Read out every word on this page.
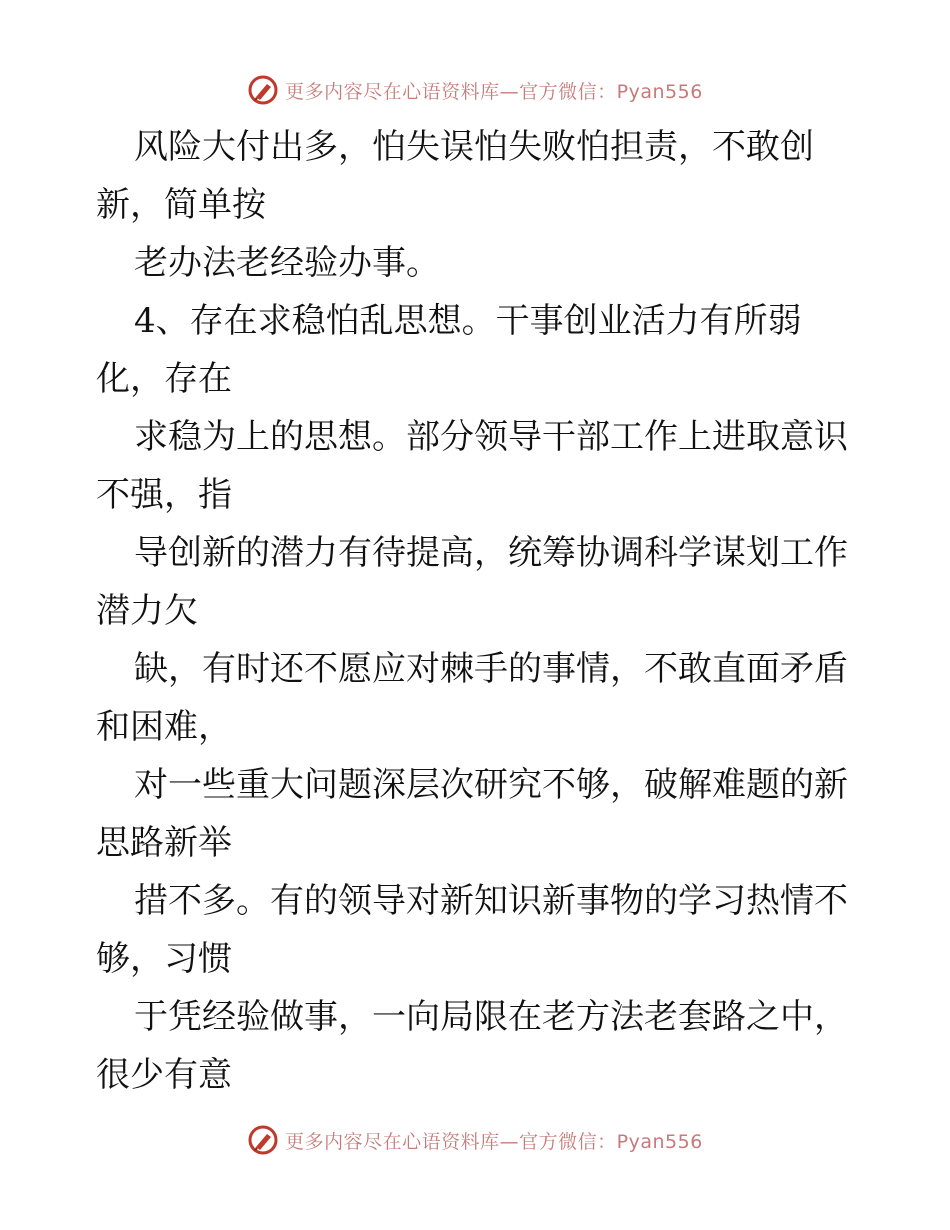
更多内容尽在心语资料库—官方微信：Pyan556
风险大付出多，怕失误怕失败怕担责，不敢创
新，简单按
老办法老经验办事。
4、存在求稳怕乱思想。干事创业活力有所弱
化，存在
求稳为上的思想。部分领导干部工作上进取意识
不强，指
导创新的潜力有待提高，统筹协调科学谋划工作
潜力欠
缺，有时还不愿应对棘手的事情，不敢直面矛盾
和困难，
对一些重大问题深层次研究不够，破解难题的新
思路新举
措不多。有的领导对新知识新事物的学习热情不
够，习惯
于凭经验做事，一向局限在老方法老套路之中，
很少有意
更多内容尽在心语资料库—官方微信：Pyan556
